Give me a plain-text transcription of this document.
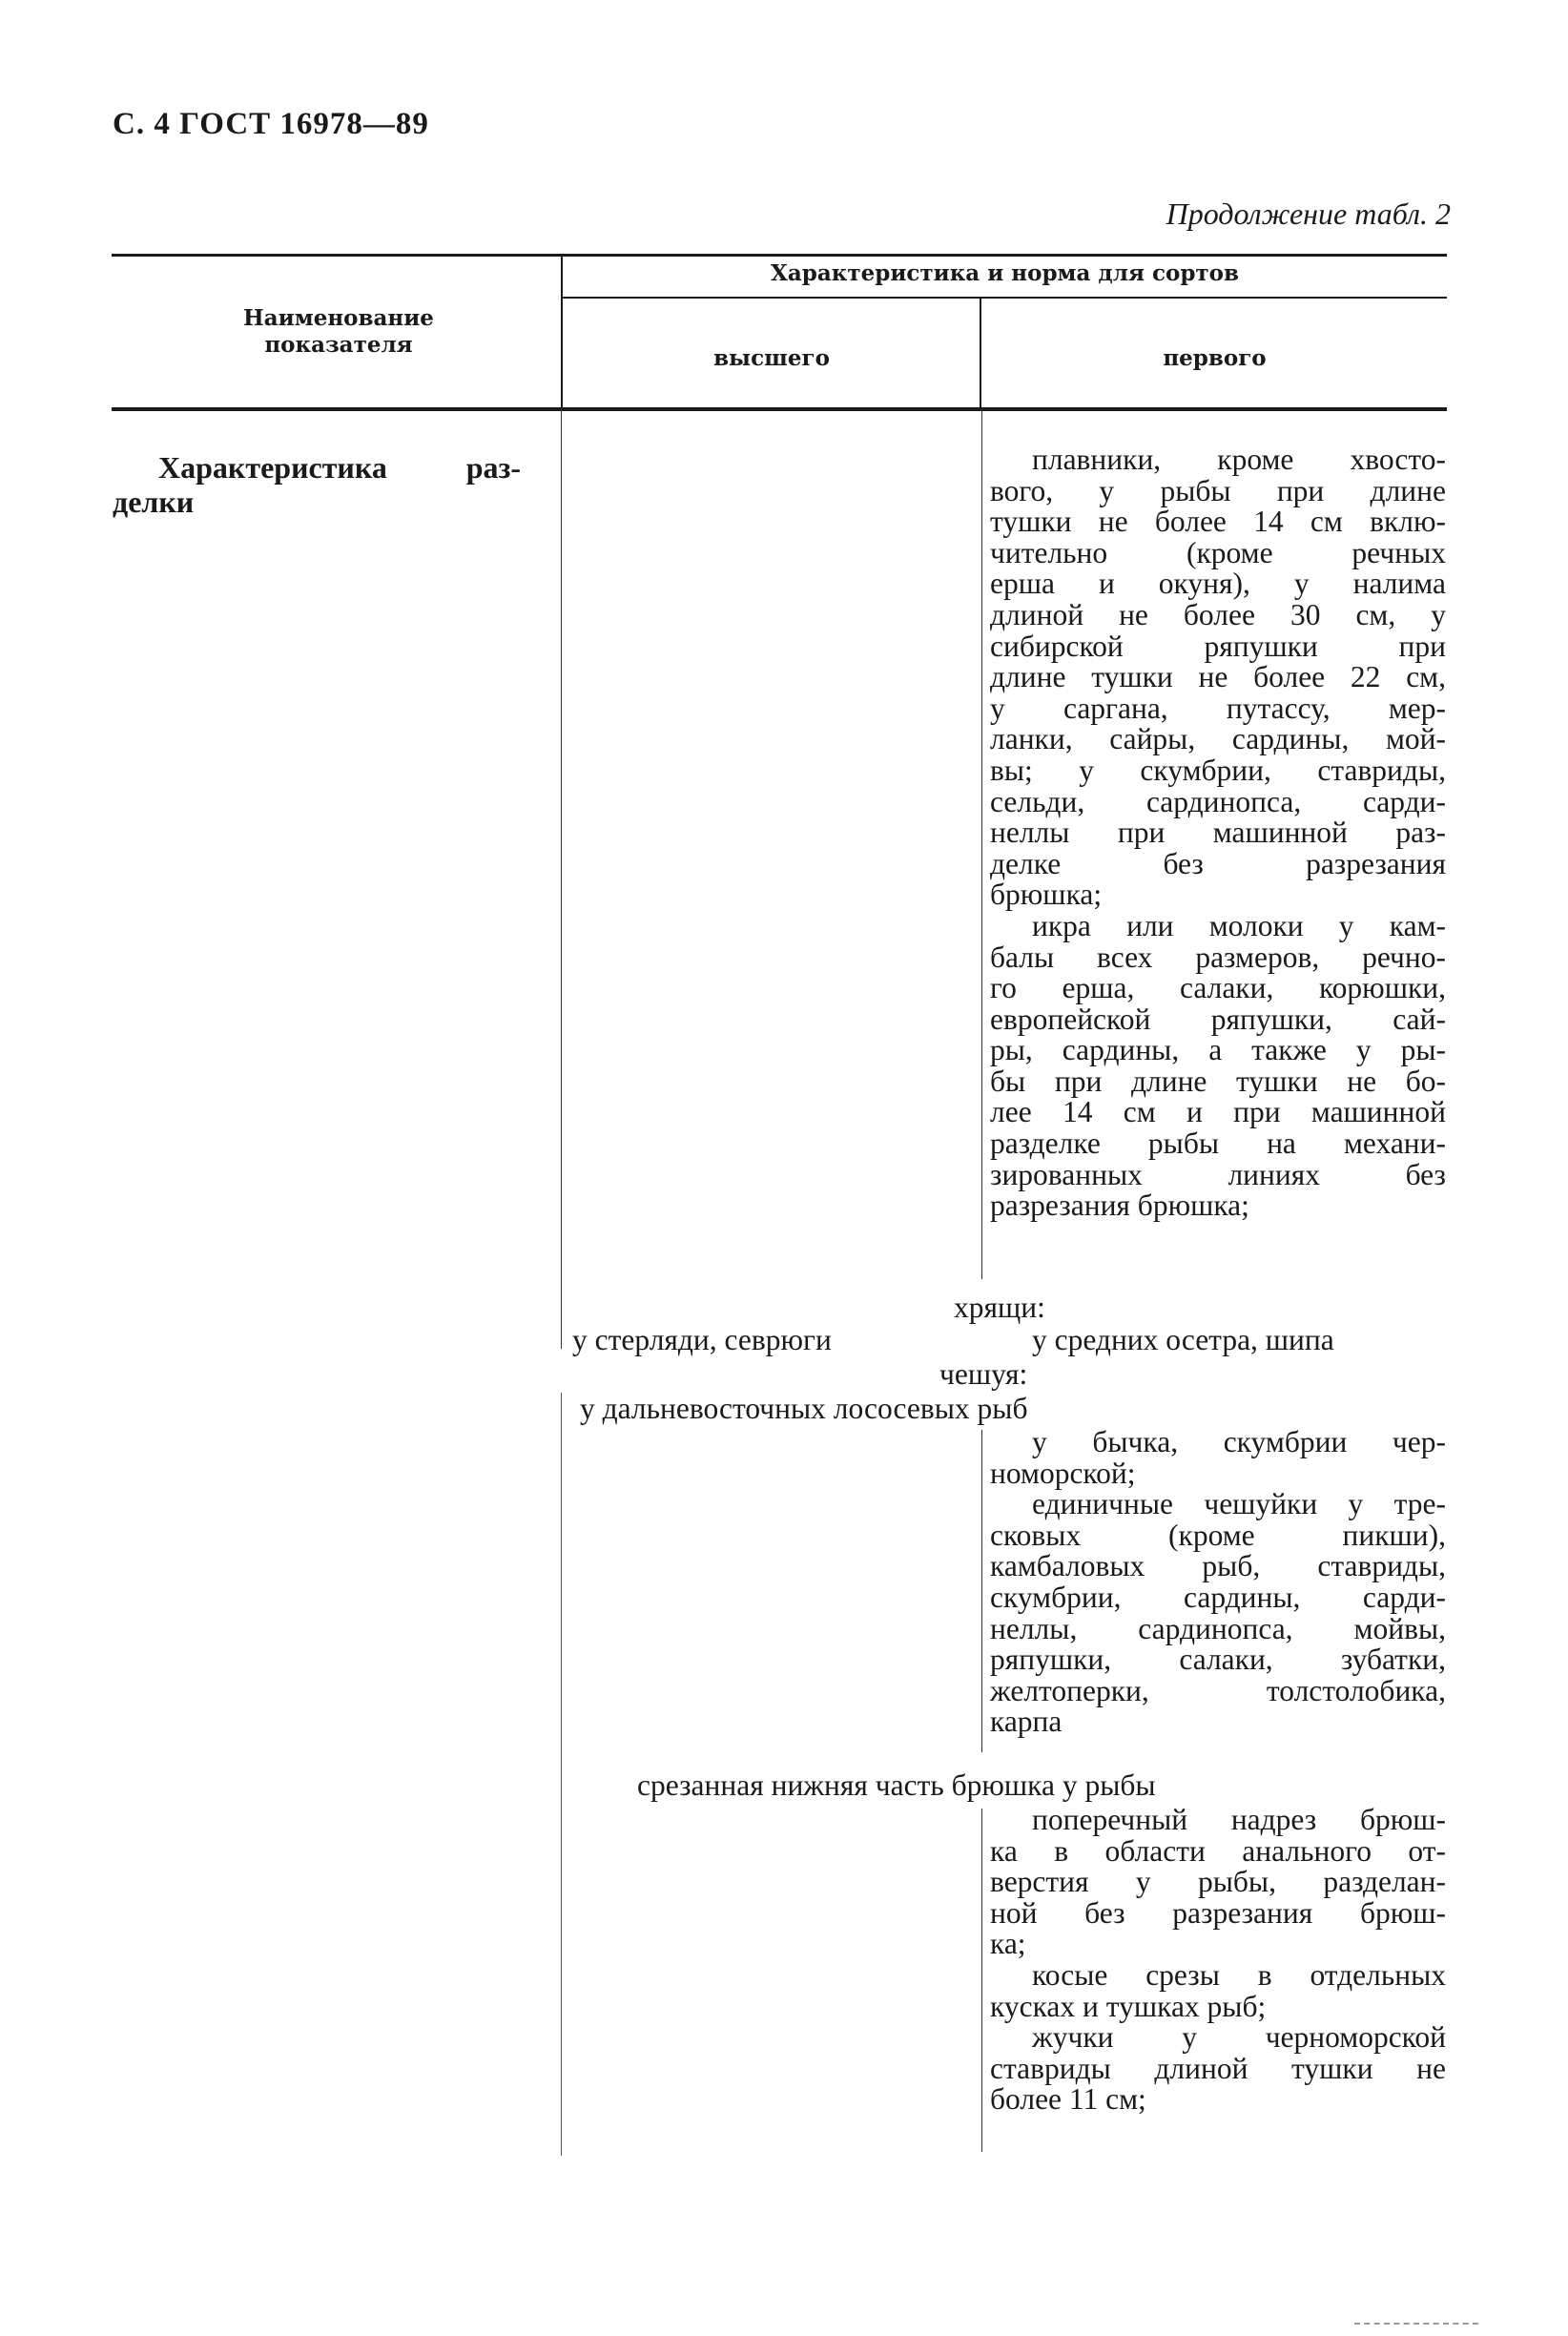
С. 4 ГОСТ 16978—89
Продолжение табл. 2
Наименование
показателя
Характеристика и норма для сортов
высшего	первого
Характеристика раз-
делки
плавники, кроме хвосто-
вого, у рыбы при длине
тушки не более 14 см вклю-
чительно (кроме речных
ерша и окуня), у налима
длиной не более 30 см, у
сибирской ряпушки при
длине тушки не более 22 см,
у саргана, путассу, мер-
ланки, сайры, сардины, мой-
вы; у скумбрии, ставриды,
сельди, сардинопса, сарди-
неллы при машинной раз-
делке без разрезания
брюшка;
икра или молоки у кам-
балы всех размеров, речно-
го ерша, салаки, корюшки,
европейской ряпушки, сай-
ры, сардины, а также у ры-
бы при длине тушки не бо-
лее 14 см и при машинной
разделке рыбы на механи-
зированных линиях без
разрезания брюшка;
хрящи:
у стерляди, севрюги	у средних осетра, шипа
чешуя:
у дальневосточных лососевых рыб
у бычка, скумбрии чер-
номорской;
единичные чешуйки у тре-
сковых (кроме пикши),
камбаловых рыб, ставриды,
скумбрии, сардины, сарди-
неллы, сардинопса, мойвы,
ряпушки, салаки, зубатки,
желтоперки, толстолобика,
карпа
срезанная нижняя часть брюшка у рыбы
поперечный надрез брюш-
ка в области анального от-
верстия у рыбы, разделан-
ной без разрезания брюш-
ка;
косые срезы в отдельных
кусках и тушках рыб;
жучки у черноморской
ставриды длиной тушки не
более 11 см;
